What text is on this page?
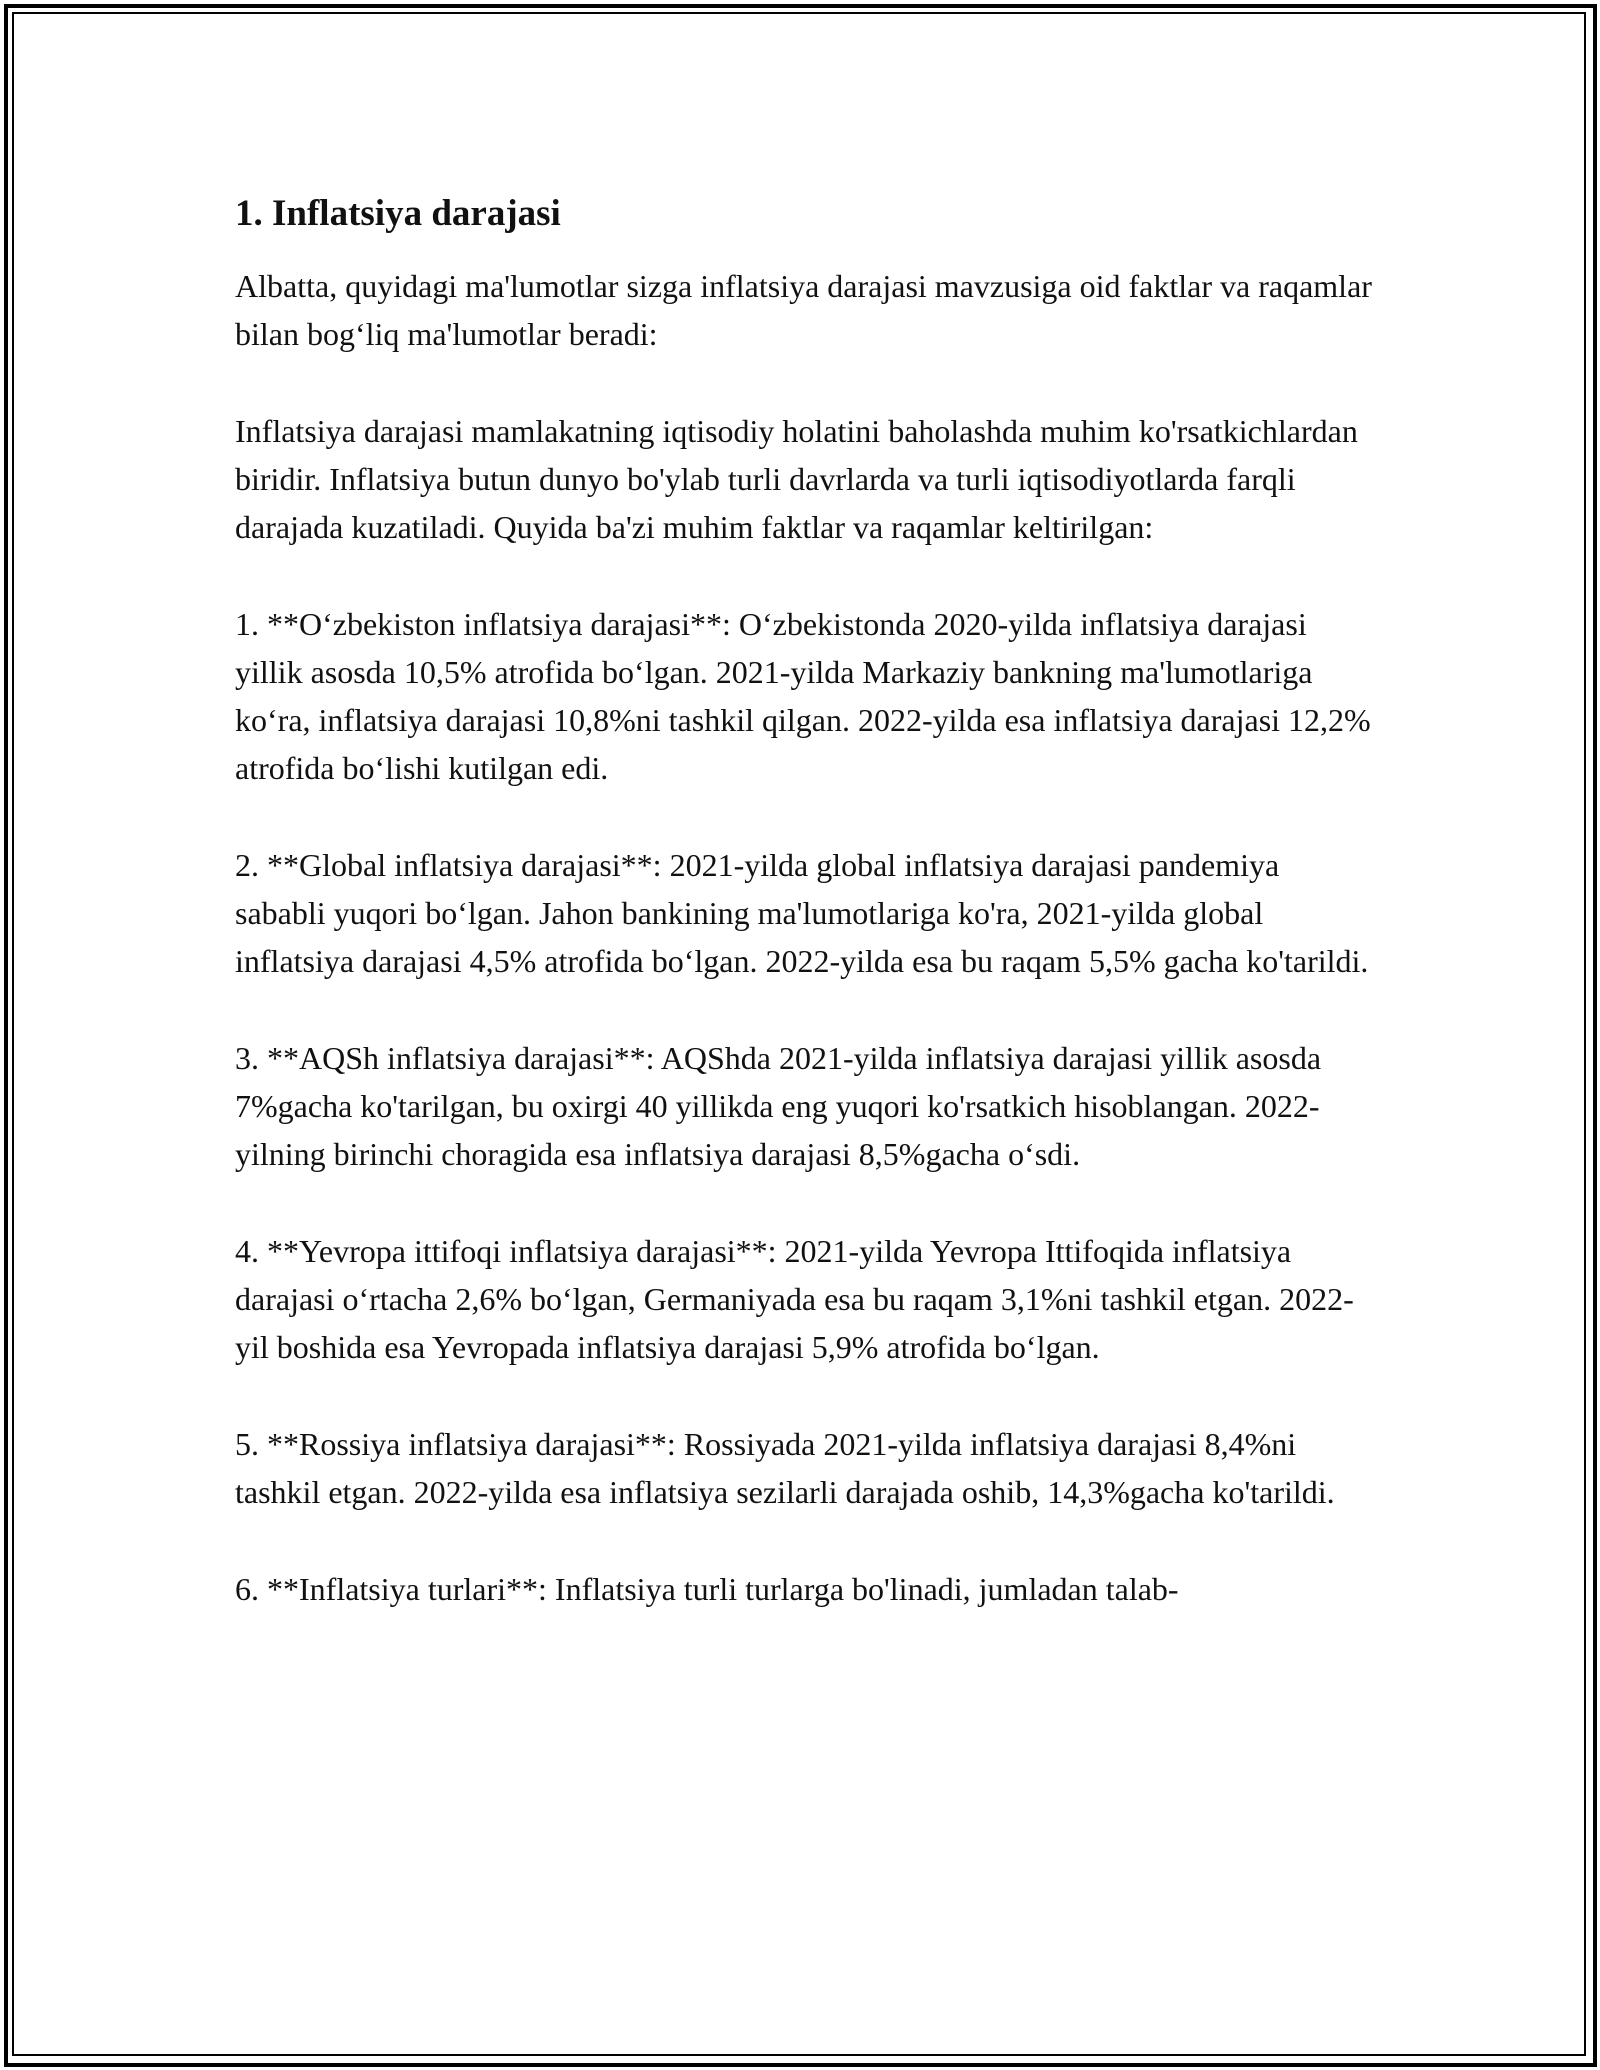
1. Inflatsiya darajasi

Albatta, quyidagi ma'lumotlar sizga inflatsiya darajasi mavzusiga oid faktlar va raqamlar bilan bog‘liq ma'lumotlar beradi:

Inflatsiya darajasi mamlakatning iqtisodiy holatini baholashda muhim ko'rsatkichlardan biridir. Inflatsiya butun dunyo bo'ylab turli davrlarda va turli iqtisodiyotlarda farqli darajada kuzatiladi. Quyida ba'zi muhim faktlar va raqamlar keltirilgan:

1. **O‘zbekiston inflatsiya darajasi**: O‘zbekistonda 2020-yilda inflatsiya darajasi yillik asosda 10,5% atrofida bo‘lgan. 2021-yilda Markaziy bankning ma'lumotlariga ko‘ra, inflatsiya darajasi 10,8%ni tashkil qilgan. 2022-yilda esa inflatsiya darajasi 12,2% atrofida bo‘lishi kutilgan edi.

2. **Global inflatsiya darajasi**: 2021-yilda global inflatsiya darajasi pandemiya sababli yuqori bo‘lgan. Jahon bankining ma'lumotlariga ko'ra, 2021-yilda global inflatsiya darajasi 4,5% atrofida bo‘lgan. 2022-yilda esa bu raqam 5,5% gacha ko'tarildi.

3. **AQSh inflatsiya darajasi**: AQShda 2021-yilda inflatsiya darajasi yillik asosda 7%gacha ko'tarilgan, bu oxirgi 40 yillikda eng yuqori ko'rsatkich hisoblangan. 2022-yilning birinchi choragida esa inflatsiya darajasi 8,5%gacha o‘sdi.

4. **Yevropa ittifoqi inflatsiya darajasi**: 2021-yilda Yevropa Ittifoqida inflatsiya darajasi o‘rtacha 2,6% bo‘lgan, Germaniyada esa bu raqam 3,1%ni tashkil etgan. 2022-yil boshida esa Yevropada inflatsiya darajasi 5,9% atrofida bo‘lgan.

5. **Rossiya inflatsiya darajasi**: Rossiyada 2021-yilda inflatsiya darajasi 8,4%ni tashkil etgan. 2022-yilda esa inflatsiya sezilarli darajada oshib, 14,3%gacha ko'tarildi.

6. **Inflatsiya turlari**: Inflatsiya turli turlarga bo'linadi, jumladan talab-
